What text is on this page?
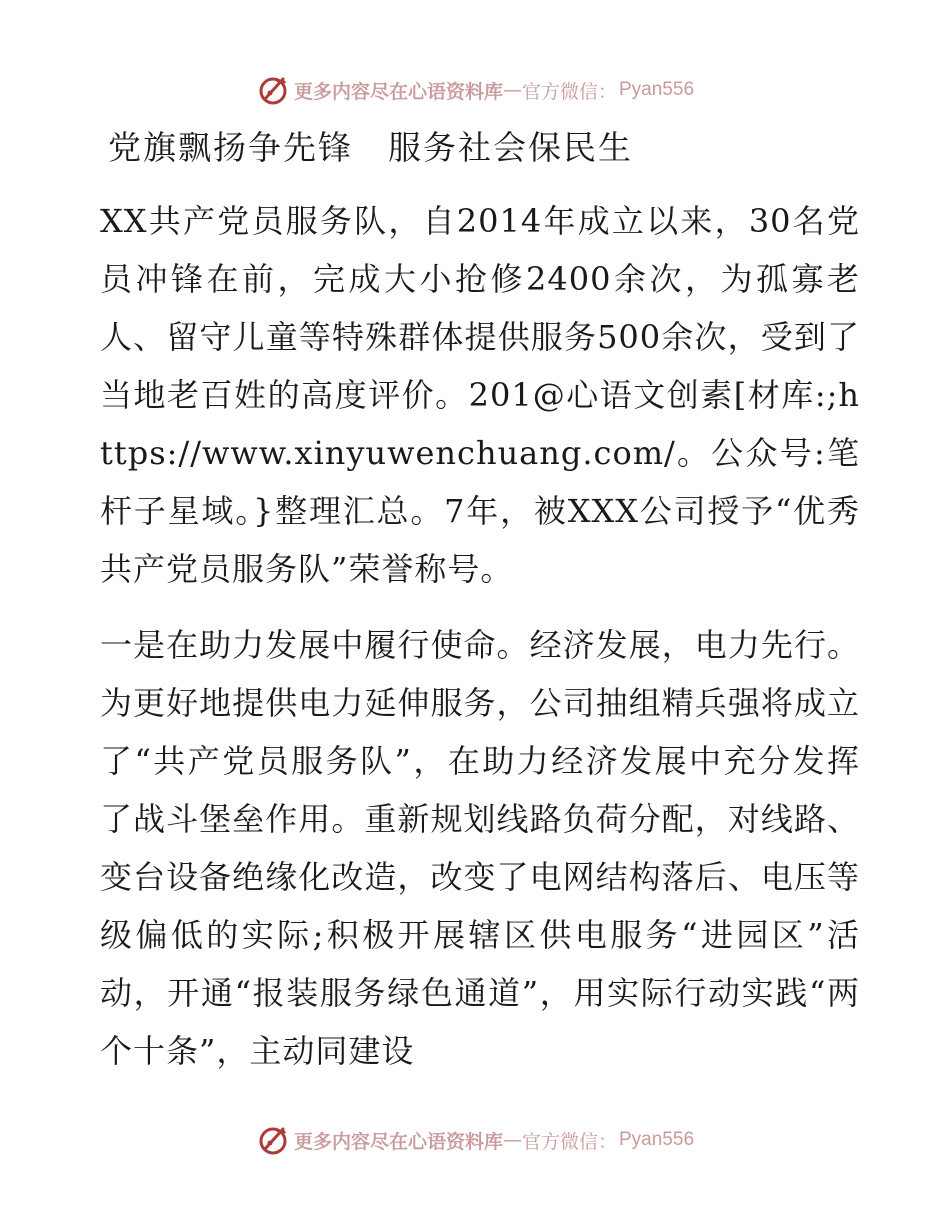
更多内容尽在心语资料库 — 官方微信： Pyan556
党旗飘扬争先锋　服务社会保民生
XX共产党员服务队，自2014年成立以来，30名党员冲锋在前，完成大小抢修2400余次，为孤寡老人、留守儿童等特殊群体提供服务500余次，受到了当地老百姓的高度评价。201@心语文创素[材库:;https://www.xinyuwenchuang.com/。公众号:笔杆子星域。}整理汇总。7年，被XXX公司授予“优秀共产党员服务队”荣誉称号。
一是在助力发展中履行使命。经济发展，电力先行。为更好地提供电力延伸服务，公司抽组精兵强将成立了“共产党员服务队”，在助力经济发展中充分发挥了战斗堡垒作用。重新规划线路负荷分配，对线路、变台设备绝缘化改造，改变了电网结构落后、电压等级偏低的实际;积极开展辖区供电服务“进园区”活动，开通“报装服务绿色通道”，用实际行动实践“两个十条”，主动同建设
更多内容尽在心语资料库 — 官方微信： Pyan556
